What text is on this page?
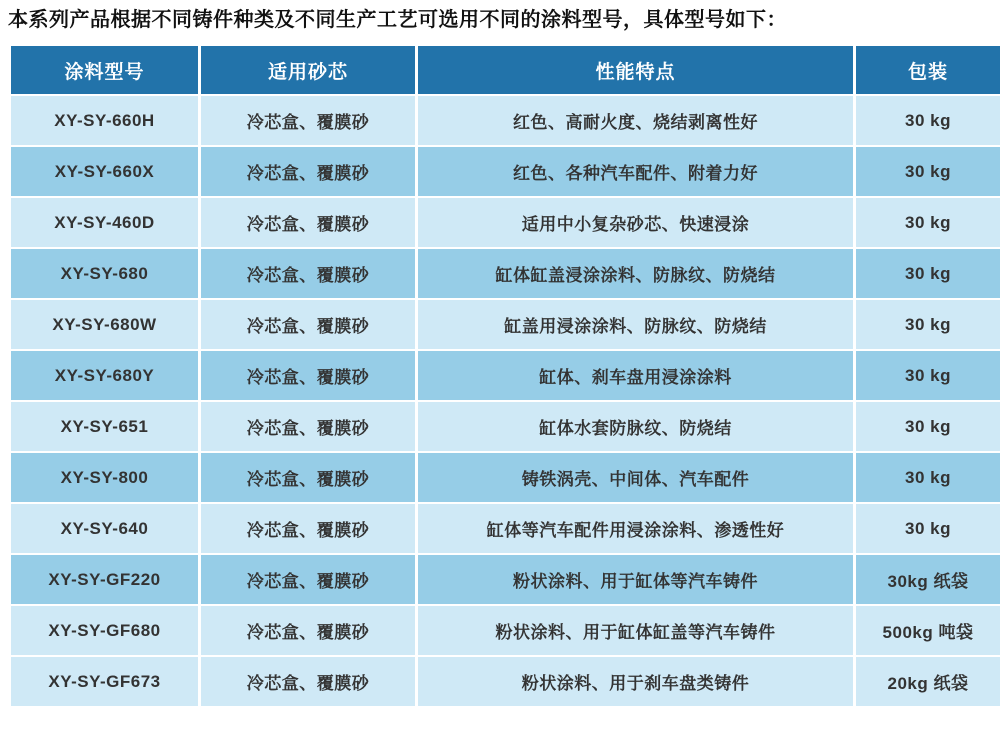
本系列产品根据不同铸件种类及不同生产工艺可选用不同的涂料型号，具体型号如下：

涂料型号	适用砂芯	性能特点	包装
XY-SY-660H	冷芯盒、覆膜砂	红色、高耐火度、烧结剥离性好	30 kg
XY-SY-660X	冷芯盒、覆膜砂	红色、各种汽车配件、附着力好	30 kg
XY-SY-460D	冷芯盒、覆膜砂	适用中小复杂砂芯、快速浸涂	30 kg
XY-SY-680	冷芯盒、覆膜砂	缸体缸盖浸涂涂料、防脉纹、防烧结	30 kg
XY-SY-680W	冷芯盒、覆膜砂	缸盖用浸涂涂料、防脉纹、防烧结	30 kg
XY-SY-680Y	冷芯盒、覆膜砂	缸体、刹车盘用浸涂涂料	30 kg
XY-SY-651	冷芯盒、覆膜砂	缸体水套防脉纹、防烧结	30 kg
XY-SY-800	冷芯盒、覆膜砂	铸铁涡壳、中间体、汽车配件	30 kg
XY-SY-640	冷芯盒、覆膜砂	缸体等汽车配件用浸涂涂料、渗透性好	30 kg
XY-SY-GF220	冷芯盒、覆膜砂	粉状涂料、用于缸体等汽车铸件	30kg 纸袋
XY-SY-GF680	冷芯盒、覆膜砂	粉状涂料、用于缸体缸盖等汽车铸件	500kg 吨袋
XY-SY-GF673	冷芯盒、覆膜砂	粉状涂料、用于刹车盘类铸件	20kg 纸袋
